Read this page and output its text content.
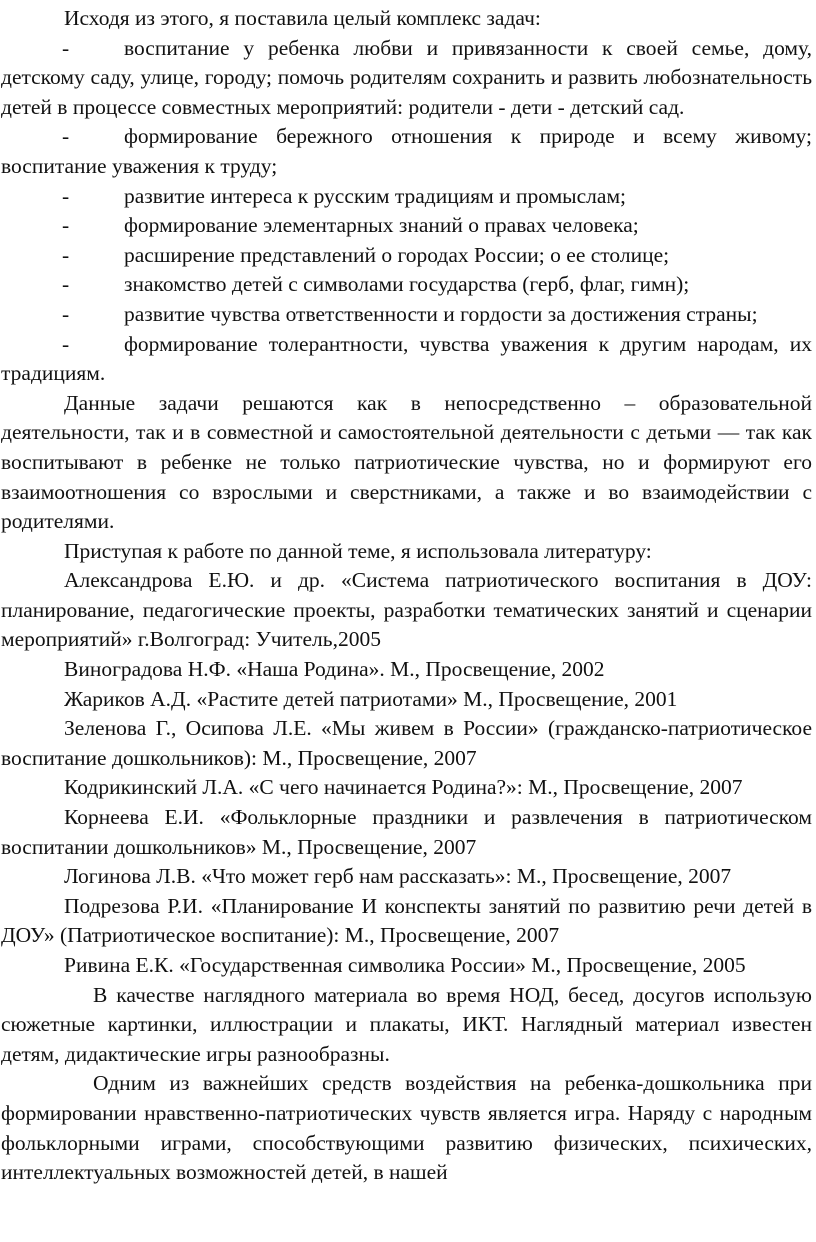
Исходя из этого, я поставила целый комплекс задач:

-	воспитание у ребенка любви и привязанности к своей семье, дому, детскому саду, улице, городу; помочь родителям сохранить и развить любознательность детей в процессе совместных мероприятий: родители - дети - детский сад.

-	формирование бережного отношения к природе и всему живому; воспитание уважения к труду;

-	развитие интереса к русским традициям и промыслам;

-	формирование элементарных знаний о правах человека;

-	расширение представлений о городах России; о ее столице;

-	знакомство детей с символами государства (герб, флаг, гимн);

-	развитие чувства ответственности и гордости за достижения страны;

-	формирование толерантности, чувства уважения к другим народам, их традициям.

Данные задачи решаются как в непосредственно – образовательной деятельности, так и в совместной и самостоятельной деятельности с детьми — так как воспитывают в ребенке не только патриотические чувства, но и формируют его взаимоотношения со взрослыми и сверстниками, а также и во взаимодействии с родителями.

Приступая к работе по данной теме, я использовала литературу:

Александрова Е.Ю. и др. «Система патриотического воспитания в ДОУ: планирование, педагогические проекты, разработки тематических занятий и сценарии мероприятий» г.Волгоград: Учитель,2005

Виноградова Н.Ф. «Наша Родина». М., Просвещение, 2002

Жариков А.Д. «Растите детей патриотами» М., Просвещение, 2001

Зеленова Г., Осипова Л.Е. «Мы живем в России» (гражданско-патриотическое воспитание дошкольников): М., Просвещение, 2007

Кодрикинский Л.А. «С чего начинается Родина?»: М., Просвещение, 2007

Корнеева Е.И. «Фольклорные праздники и развлечения в патриотическом воспитании дошкольников» М., Просвещение, 2007

Логинова Л.В. «Что может герб нам рассказать»: М., Просвещение, 2007

Подрезова Р.И. «Планирование И конспекты занятий по развитию речи детей в ДОУ» (Патриотическое воспитание): М., Просвещение, 2007

Ривина Е.К. «Государственная символика России» М., Просвещение, 2005

В качестве наглядного материала во время НОД, бесед, досугов использую сюжетные картинки, иллюстрации и плакаты, ИКТ. Наглядный материал известен детям, дидактические игры разнообразны.

Одним из важнейших средств воздействия на ребенка-дошкольника при формировании нравственно-патриотических чувств является игра. Наряду с народным фольклорными играми, способствующими развитию физических, психических, интеллектуальных возможностей детей, в нашей
